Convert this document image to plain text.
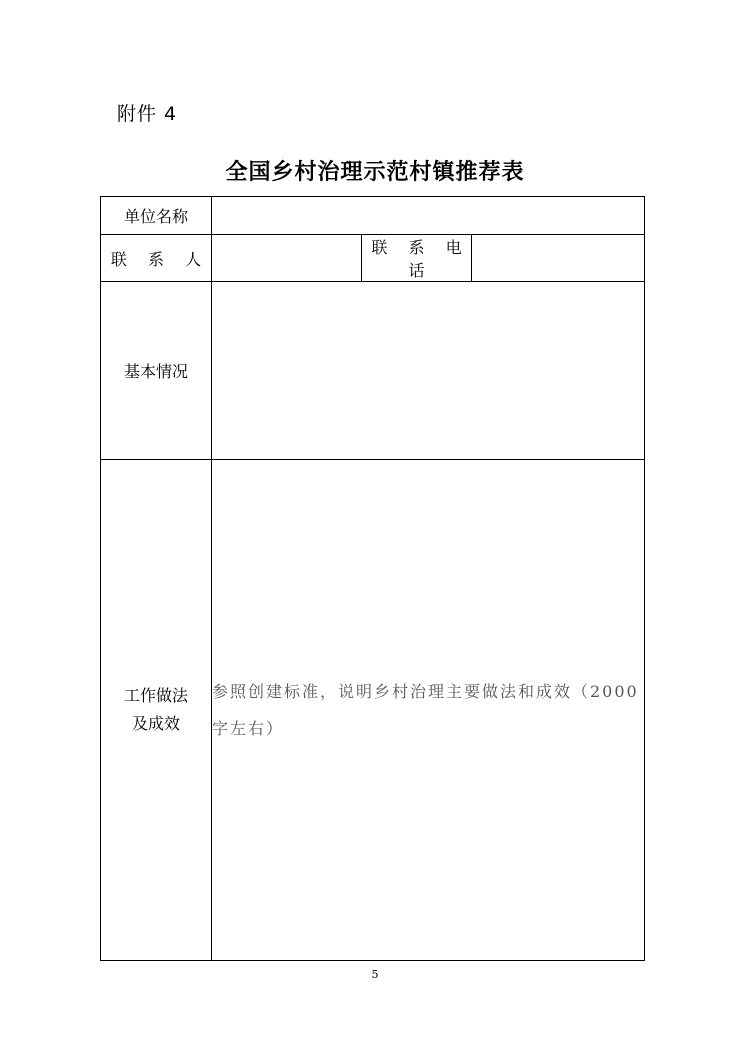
附件 4
全国乡村治理示范村镇推荐表
单位名称			
联 系 人		联 系 电 话	
基本情况			

工作做法
及成效	参照创建标准，说明乡村治理主要做法和成效（2000字左右）		
5
